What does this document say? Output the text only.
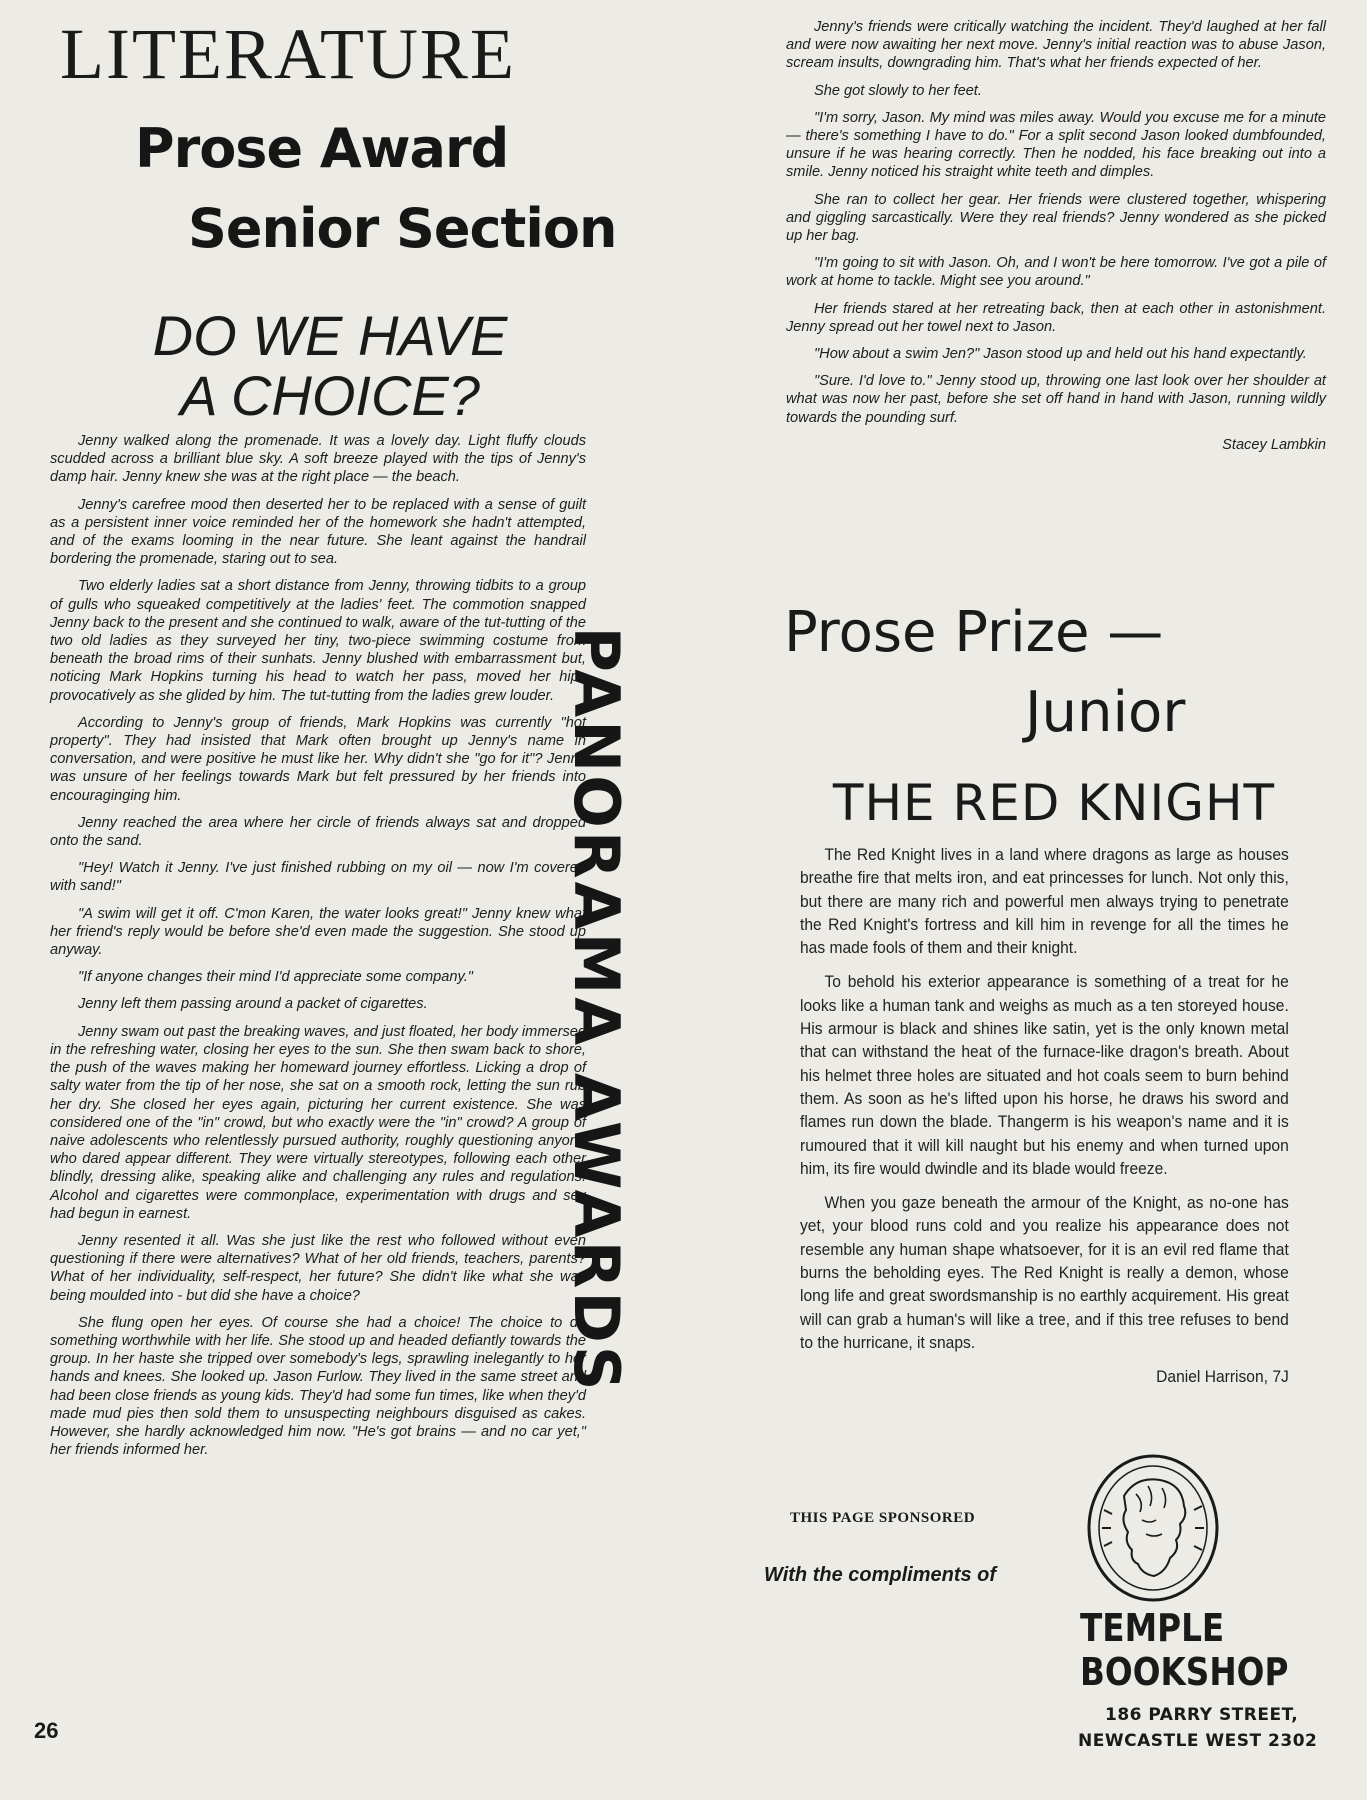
LITERATURE
Prose Award
Senior Section
DO WE HAVE
A CHOICE?

Jenny walked along the promenade. It was a lovely day. Light fluffy clouds scudded across a brilliant blue sky. A soft breeze played with the tips of Jenny's damp hair. Jenny knew she was at the right place — the beach.

Jenny's carefree mood then deserted her to be replaced with a sense of guilt as a persistent inner voice reminded her of the homework she hadn't attempted, and of the exams looming in the near future. She leant against the handrail bordering the promenade, staring out to sea.

Two elderly ladies sat a short distance from Jenny, throwing tidbits to a group of gulls who squeaked competitively at the ladies' feet. The commotion snapped Jenny back to the present and she continued to walk, aware of the tut-tutting of the two old ladies as they surveyed her tiny, two-piece swimming costume from beneath the broad rims of their sunhats. Jenny blushed with embarrassment but, noticing Mark Hopkins turning his head to watch her pass, moved her hips provocatively as she glided by him. The tut-tutting from the ladies grew louder.

According to Jenny's group of friends, Mark Hopkins was currently "hot property". They had insisted that Mark often brought up Jenny's name in conversation, and were positive he must like her. Why didn't she "go for it"? Jenny was unsure of her feelings towards Mark but felt pressured by her friends into encouraginging him.

Jenny reached the area where her circle of friends always sat and dropped onto the sand.

"Hey! Watch it Jenny. I've just finished rubbing on my oil — now I'm covered with sand!"

"A swim will get it off. C'mon Karen, the water looks great!" Jenny knew what her friend's reply would be before she'd even made the suggestion. She stood up anyway.

"If anyone changes their mind I'd appreciate some company."

Jenny left them passing around a packet of cigarettes.

Jenny swam out past the breaking waves, and just floated, her body immersed in the refreshing water, closing her eyes to the sun. She then swam back to shore, the push of the waves making her homeward journey effortless. Licking a drop of salty water from the tip of her nose, she sat on a smooth rock, letting the sun rub her dry. She closed her eyes again, picturing her current existence. She was considered one of the "in" crowd, but who exactly were the "in" crowd? A group of naive adolescents who relentlessly pursued authority, roughly questioning anyone who dared appear different. They were virtually stereotypes, following each other blindly, dressing alike, speaking alike and challenging any rules and regulations. Alcohol and cigarettes were commonplace, experimentation with drugs and sex had begun in earnest.

Jenny resented it all. Was she just like the rest who followed without even questioning if there were alternatives? What of her old friends, teachers, parents? What of her individuality, self-respect, her future? She didn't like what she was being moulded into - but did she have a choice?

She flung open her eyes. Of course she had a choice! The choice to do something worthwhile with her life. She stood up and headed defiantly towards the group. In her haste she tripped over somebody's legs, sprawling inelegantly to her hands and knees. She looked up. Jason Furlow. They lived in the same street and had been close friends as young kids. They'd had some fun times, like when they'd made mud pies then sold them to unsuspecting neighbours disguised as cakes. However, she hardly acknowledged him now. "He's got brains — and no car yet," her friends informed her.

Jenny's friends were critically watching the incident. They'd laughed at her fall and were now awaiting her next move. Jenny's initial reaction was to abuse Jason, scream insults, downgrading him. That's what her friends expected of her.

She got slowly to her feet.

"I'm sorry, Jason. My mind was miles away. Would you excuse me for a minute — there's something I have to do." For a split second Jason looked dumbfounded, unsure if he was hearing correctly. Then he nodded, his face breaking out into a smile. Jenny noticed his straight white teeth and dimples.

She ran to collect her gear. Her friends were clustered together, whispering and giggling sarcastically. Were they real friends? Jenny wondered as she picked up her bag.

"I'm going to sit with Jason. Oh, and I won't be here tomorrow. I've got a pile of work at home to tackle. Might see you around."

Her friends stared at her retreating back, then at each other in astonishment. Jenny spread out her towel next to Jason.

"How about a swim Jen?" Jason stood up and held out his hand expectantly.

"Sure. I'd love to." Jenny stood up, throwing one last look over her shoulder at what was now her past, before she set off hand in hand with Jason, running wildly towards the pounding surf.

Stacey Lambkin

PANORAMA AWARDS	Prose Prize —
Junior
THE RED KNIGHT

The Red Knight lives in a land where dragons as large as houses breathe fire that melts iron, and eat princesses for lunch. Not only this, but there are many rich and powerful men always trying to penetrate the Red Knight's fortress and kill him in revenge for all the times he has made fools of them and their knight.

To behold his exterior appearance is something of a treat for he looks like a human tank and weighs as much as a ten storeyed house. His armour is black and shines like satin, yet is the only known metal that can withstand the heat of the furnace-like dragon's breath. About his helmet three holes are situated and hot coals seem to burn behind them. As soon as he's lifted upon his horse, he draws his sword and flames run down the blade. Thangerm is his weapon's name and it is rumoured that it will kill naught but his enemy and when turned upon him, its fire would dwindle and its blade would freeze.

When you gaze beneath the armour of the Knight, as no-one has yet, your blood runs cold and you realize his appearance does not resemble any human shape whatsoever, for it is an evil red flame that burns the beholding eyes. The Red Knight is really a demon, whose long life and great swordsmanship is no earthly acquirement. His great will can grab a human's will like a tree, and if this tree refuses to bend to the hurricane, it snaps.

Daniel Harrison, 7J

THIS PAGE SPONSORED
With the compliments of
TEMPLE
BOOKSHOP
186 PARRY STREET,
NEWCASTLE WEST 2302
26
